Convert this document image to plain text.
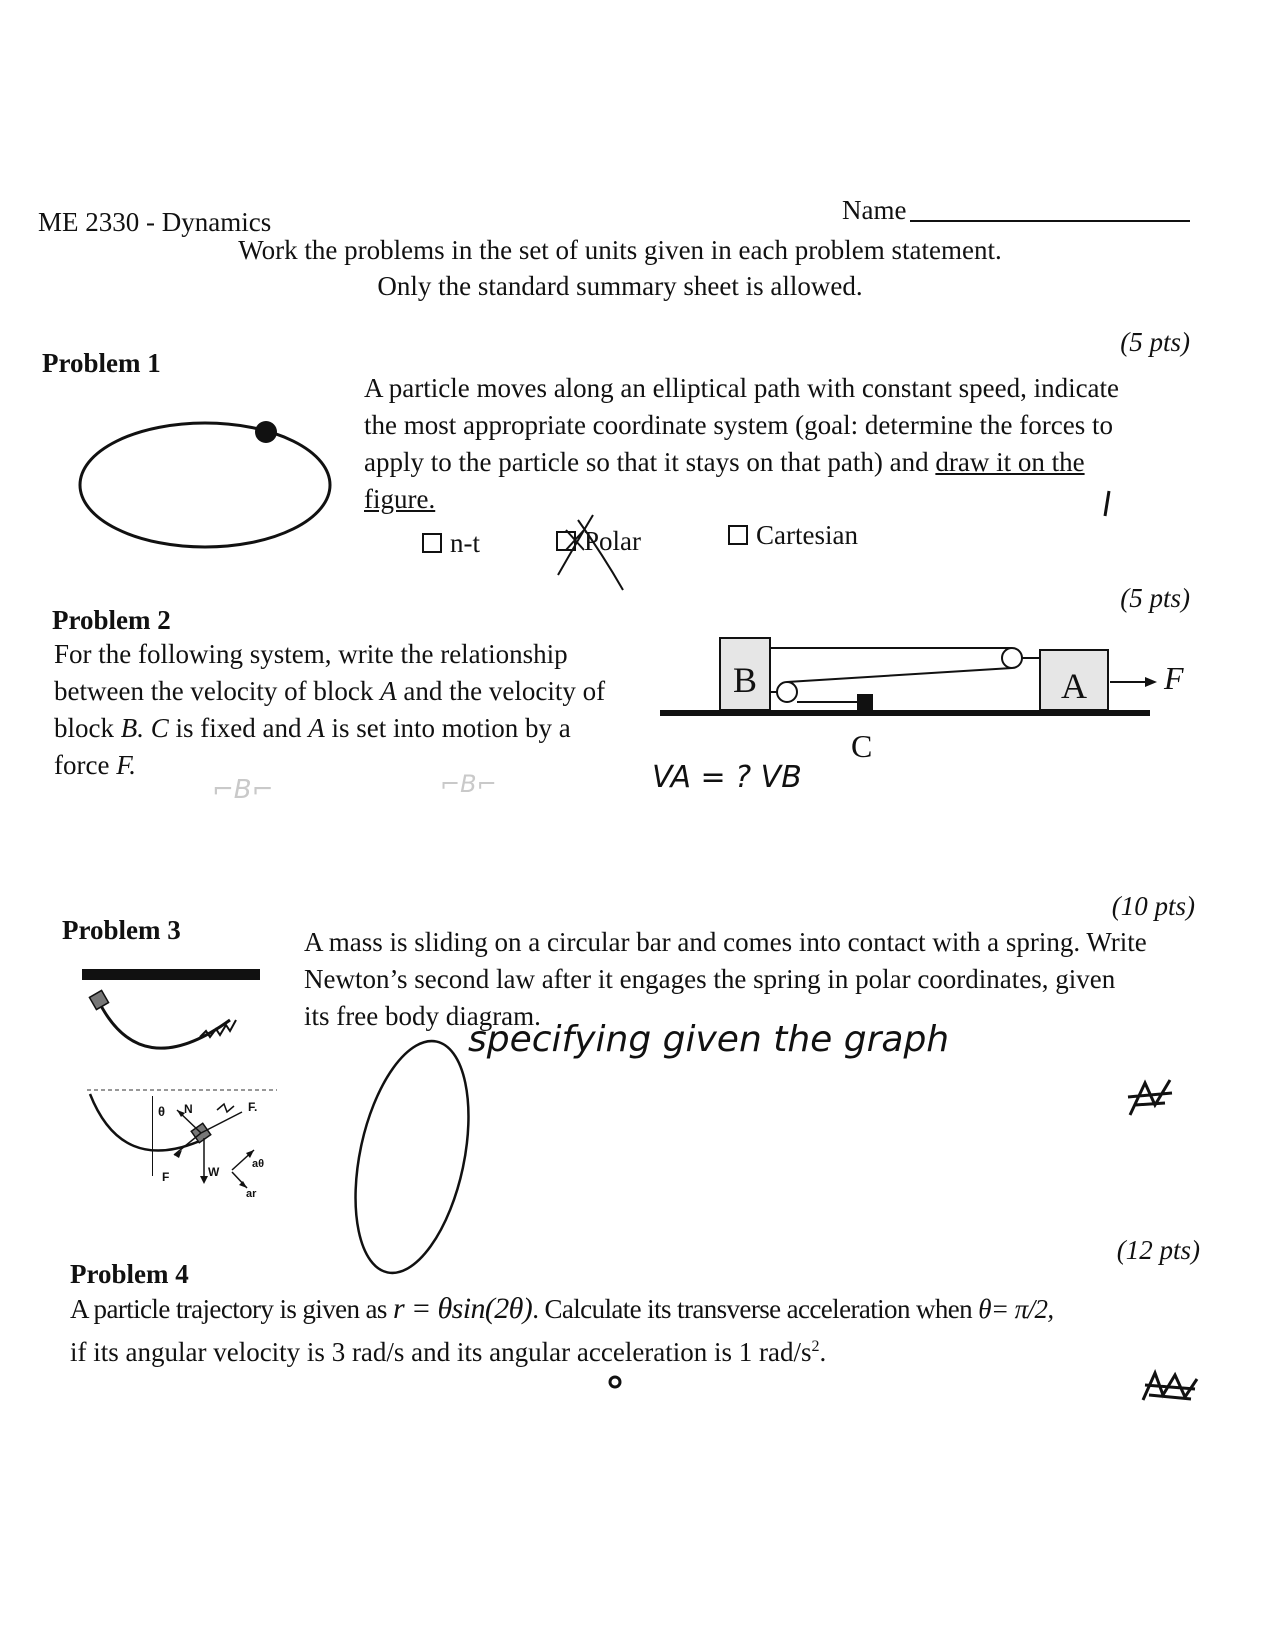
ME 2330 - Dynamics	Name
Work the problems in the set of units given in each problem statement.
Only the standard summary sheet is allowed.
Problem 1
(5 pts)
A particle moves along an elliptical path with constant speed, indicate
the most appropriate coordinate system (goal: determine the forces to
apply to the particle so that it stays on that path) and draw it on the
figure.
n-t	Polar	Cartesian
Problem 2
(5 pts)
For the following system, write the relationship
between the velocity of block A and the velocity of
block B. C is fixed and A is set into motion by a
force F.
B	A	F
C
VA = ? VB
⌐B⌐	⌐B⌐
Problem 3
(10 pts)
A mass is sliding on a circular bar and comes into contact with a spring. Write
Newton’s second law after it engages the spring in polar coordinates, given
its free body diagram.
specifying given the graph
θ N	F.
W
F
aθ
ar
Problem 4
(12 pts)
A particle trajectory is given as r = θsin(2θ). Calculate its transverse acceleration when θ= π/2,
if its angular velocity is 3 rad/s and its angular acceleration is 1 rad/$s^2$.
